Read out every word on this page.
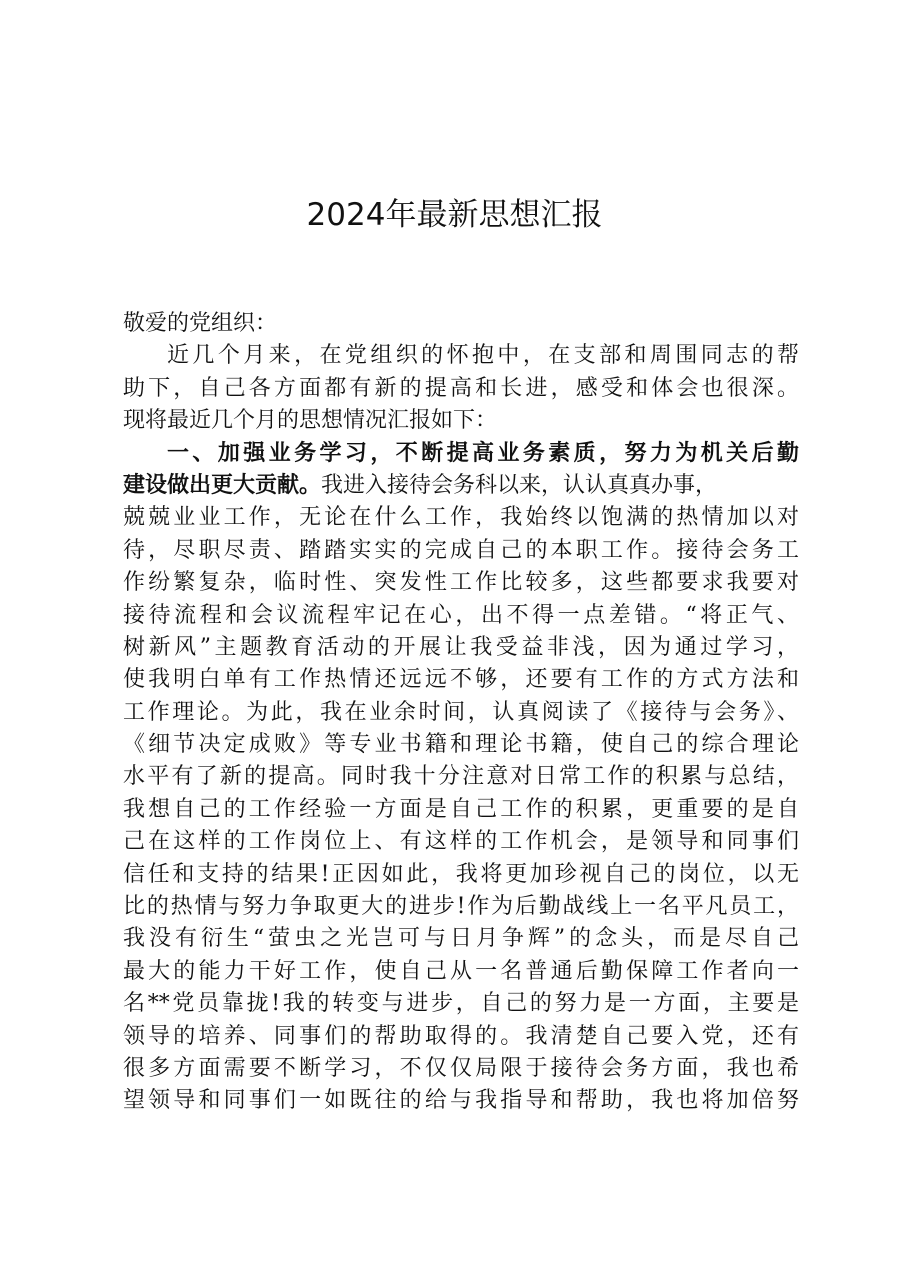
2024年最新思想汇报
敬爱的党组织：
近几个月来，在党组织的怀抱中，在支部和周围同志的帮
助下，自己各方面都有新的提高和长进，感受和体会也很深。
现将最近几个月的思想情况汇报如下：
一、加强业务学习，不断提高业务素质，努力为机关后勤
建设做出更大贡献。我进入接待会务科以来，认认真真办事，
兢兢业业工作，无论在什么工作，我始终以饱满的热情加以对
待，尽职尽责、踏踏实实的完成自己的本职工作。接待会务工
作纷繁复杂，临时性、突发性工作比较多，这些都要求我要对
接待流程和会议流程牢记在心，出不得一点差错。“将正气、
树新风”主题教育活动的开展让我受益非浅，因为通过学习，
使我明白单有工作热情还远远不够，还要有工作的方式方法和
工作理论。为此，我在业余时间，认真阅读了《接待与会务》、
《细节决定成败》等专业书籍和理论书籍，使自己的综合理论
水平有了新的提高。同时我十分注意对日常工作的积累与总结，
我想自己的工作经验一方面是自己工作的积累，更重要的是自
己在这样的工作岗位上、有这样的工作机会，是领导和同事们
信任和支持的结果!正因如此，我将更加珍视自己的岗位，以无
比的热情与努力争取更大的进步!作为后勤战线上一名平凡员工，
我没有衍生“萤虫之光岂可与日月争辉”的念头，而是尽自己
最大的能力干好工作，使自己从一名普通后勤保障工作者向一
名**党员靠拢!我的转变与进步，自己的努力是一方面，主要是
领导的培养、同事们的帮助取得的。我清楚自己要入党，还有
很多方面需要不断学习，不仅仅局限于接待会务方面，我也希
望领导和同事们一如既往的给与我指导和帮助，我也将加倍努
